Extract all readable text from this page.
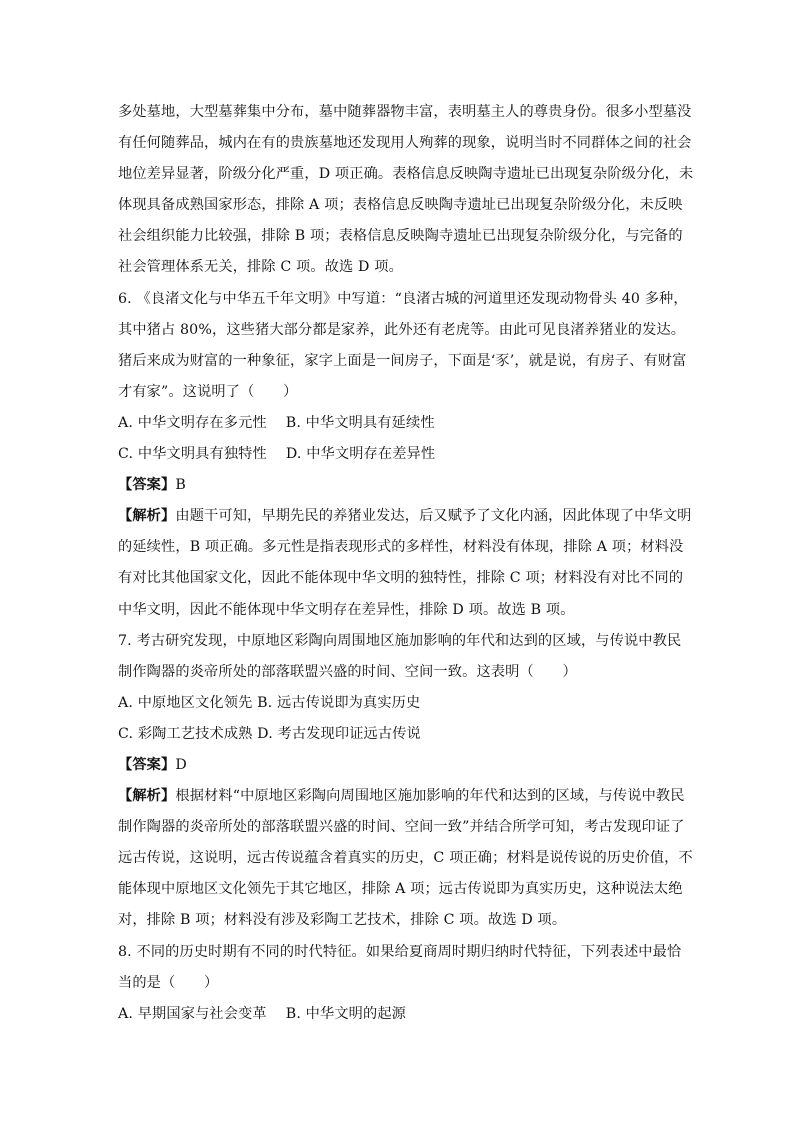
多处墓地，大型墓葬集中分布，墓中随葬器物丰富，表明墓主人的尊贵身份。很多小型墓没
有任何随葬品，城内在有的贵族墓地还发现用人殉葬的现象，说明当时不同群体之间的社会
地位差异显著，阶级分化严重，D 项正确。表格信息反映陶寺遗址已出现复杂阶级分化，未
体现具备成熟国家形态，排除 A 项；表格信息反映陶寺遗址已出现复杂阶级分化，未反映
社会组织能力比较强，排除 B 项；表格信息反映陶寺遗址已出现复杂阶级分化，与完备的
社会管理体系无关，排除 C 项。故选 D 项。
6. 《良渚文化与中华五千年文明》中写道：“良渚古城的河道里还发现动物骨头 40 多种，
其中猪占 80%，这些猪大部分都是家养，此外还有老虎等。由此可见良渚养猪业的发达。
猪后来成为财富的一种象征，家字上面是一间房子，下面是‘豕’，就是说，有房子、有财富
才有家”。这说明了（　　）
A. 中华文明存在多元性　 B. 中华文明具有延续性
C. 中华文明具有独特性　 D. 中华文明存在差异性
【答案】B
【解析】由题干可知，早期先民的养猪业发达，后又赋予了文化内涵，因此体现了中华文明
的延续性，B 项正确。多元性是指表现形式的多样性，材料没有体现，排除 A 项；材料没
有对比其他国家文化，因此不能体现中华文明的独特性，排除 C 项；材料没有对比不同的
中华文明，因此不能体现中华文明存在差异性，排除 D 项。故选 B 项。
7. 考古研究发现，中原地区彩陶向周围地区施加影响的年代和达到的区域，与传说中教民
制作陶器的炎帝所处的部落联盟兴盛的时间、空间一致。这表明（　　）
A. 中原地区文化领先 B. 远古传说即为真实历史
C. 彩陶工艺技术成熟 D. 考古发现印证远古传说
【答案】D
【解析】根据材料“中原地区彩陶向周围地区施加影响的年代和达到的区域，与传说中教民
制作陶器的炎帝所处的部落联盟兴盛的时间、空间一致”并结合所学可知，考古发现印证了
远古传说，这说明，远古传说蕴含着真实的历史，C 项正确；材料是说传说的历史价值，不
能体现中原地区文化领先于其它地区，排除 A 项；远古传说即为真实历史，这种说法太绝
对，排除 B 项；材料没有涉及彩陶工艺技术，排除 C 项。故选 D 项。
8. 不同的历史时期有不同的时代特征。如果给夏商周时期归纳时代特征，下列表述中最恰
当的是（　　）
A. 早期国家与社会变革　 B. 中华文明的起源
